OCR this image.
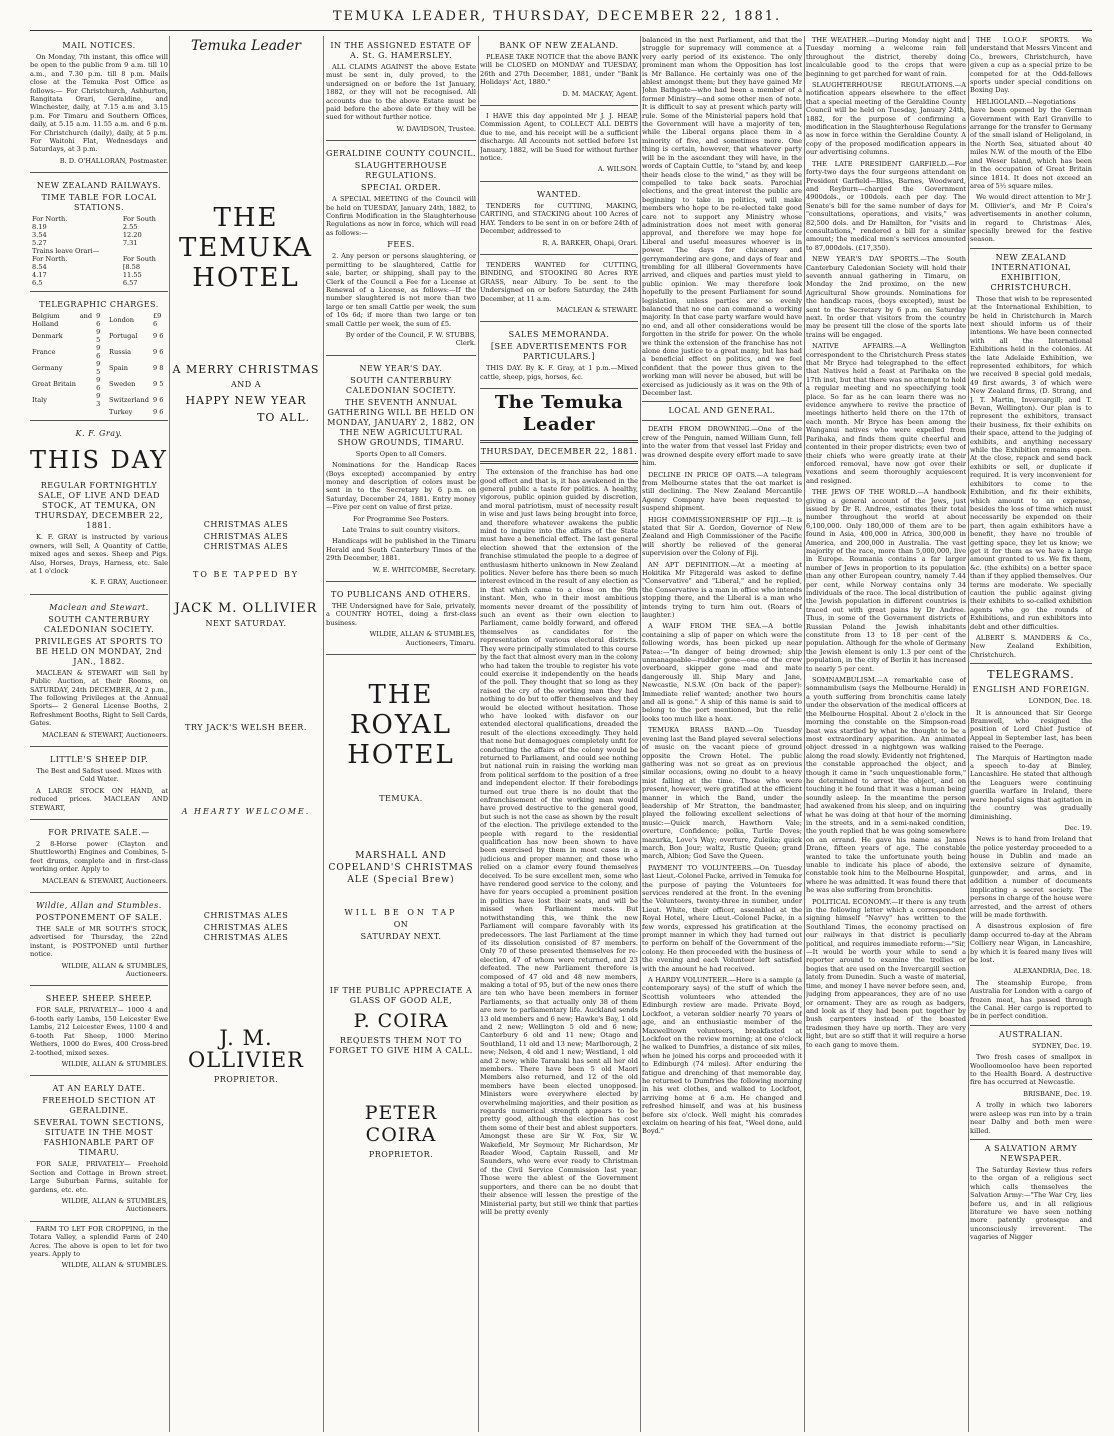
TEMUKA LEADER, THURSDAY, DECEMBER 22, 1881.
MAIL NOTICES.

On Monday, 7th instant, this office will be open to the public from 9 a.m. till 10 a.m., and 7.30 p.m. till 8 p.m. Mails close at the Temuka Post Office as follows:— For Christchurch, Ashburton, Rangitata Orari, Geraldine, and Winchester, daily, at 7.15 a.m and 3.15 p.m. For Timaru and Southern Offices, daily, at 5.15 a.m. 11.55 a.m. and 6 p.m. For Christchurch (daily), daily, at 5 p.m. For Waitohi Flat, Wednesdays and Saturdays, at 3 p.m.

B. D. O'HALLORAN, Postmaster.

NEW ZEALAND RAILWAYS.
TIME TABLE FOR LOCAL STATIONS.
For North.	For South
8.19	2.55
3.54	12.20
5.27	7.31
Trains leave Orari—	
For North.	For South
8.54	[8.58
4.17	11.55
6.5	6.57
TELEGRAPHIC CHARGES.
Belgium and Holland	9 6	London	£9 6
Denmark	9 5	Portugal	9 6
France	9 6	Russia	9 6
Germany	9 5	Spain	9 8
Great Britain	9 6	Sweden	9 5
Italy	9 3	Switzerland	9 6
		Turkey	9 6
K. F. Gray.
THIS DAY
REGULAR FORTNIGHTLY SALE, OF LIVE AND DEAD STOCK, AT TEMUKA, ON THURSDAY, DECEMBER 22, 1881.

K. F. GRAY is instructed by various owners, will Sell, A Quantity of Cattle, mixed ages and sexes. Sheep and Pigs. Also, Horses, Drays, Harness, etc. Sale at 1 o'clock

K. F. GRAY, Auctioneer.

Maclean and Stewart.
SOUTH CANTERBURY CALEDONIAN SOCIETY.
PRIVILEGES AT SPORTS TO BE HELD ON MONDAY, 2nd JAN., 1882.

MACLEAN & STEWART will Sell by Public Auction, at their Rooms, on SATURDAY, 24th DECEMBER, At 2 p.m., The following Privileges at the Annual Sports— 2 General License Booths, 2 Refreshment Booths, Right to Sell Cards, Gates.

MACLEAN & STEWART, Auctioneers.

LITTLE'S SHEEP DIP.

The Best and Safest used. Mixes with Cold Water.

A LARGE STOCK ON HAND, at reduced prices. MACLEAN AND STEWART,

FOR PRIVATE SALE.—

2 8-Horse power (Clayton and Shuttleworth) Engines and Combines, 5-feet drums, complete and in first-class working order. Apply to

MACLEAN & STEWART, Auctioneers.

Wildie, Allan and Stumbles.
POSTPONEMENT OF SALE.

THE SALE of MR SOUTH'S STOCK, advertised for Thursday, the 22nd instant, is POSTPONED until further notice.

WILDIE, ALLAN & STUMBLES, Auctioneers.

SHEEP. SHEEP. SHEEP.

FOR SALE, PRIVATELY— 1000 4 and 6-tooth early Lambs, 150 Leicester Ewe Lambs, 212 Leicester Ewes, 1100 4 and 6-tooth Fat Sheep, 1000 Merino Wethers, 1000 do Ewes, 400 Cross-bred 2-toothed, mixed sexes.

WILDIE, ALLAN & STUMBLES.

AT AN EARLY DATE.
FREEHOLD SECTION AT GERALDINE.
SEVERAL TOWN SECTIONS, SITUATE IN THE MOST FASHIONABLE PART OF TIMARU.

FOR SALE, PRIVATELY— Freehold Section and Cottage in Brown street. Large Suburban Farms, suitable for gardens, etc. etc.

WILDIE, ALLAN & STUMBLES, Auctioneers.

FARM TO LET FOR CROPPING, in the Totara Valley, a splendid Farm of 240 Acres. The above is open to let for two years. Apply to

WILDIE, ALLAN & STUMBLES.

Temuka Leader
THE TEMUKA HOTEL
A MERRY CHRISTMAS
AND A
HAPPY NEW YEAR
TO ALL.
CHRISTMAS ALES
CHRISTMAS ALES
CHRISTMAS ALES
TO BE TAPPED BY
JACK M. OLLIVIER
NEXT SATURDAY.
TRY JACK'S WELSH BEER.
A HEARTY WELCOME.
CHRISTMAS ALES
CHRISTMAS ALES
CHRISTMAS ALES
J. M. OLLIVIER
PROPRIETOR.
IN THE ASSIGNED ESTATE OF A. St. G. HAMERSLEY.

ALL CLAIMS AGAINST the above Estate must be sent in, duly proved, to the undersigned on or before the 1st January, 1882, or they will not be recognised. All accounts due to the above Estate must be paid before the above date or they will be sued for without further notice.

W. DAVIDSON, Trustee.

GERALDINE COUNTY COUNCIL.
SLAUGHTERHOUSE REGULATIONS.
SPECIAL ORDER.

A SPECIAL MEETING of the Council will be held on TUESDAY, January 24th, 1882, to Confirm Modification in the Slaughterhouse Regulations as now in force, which will read as follows:—

FEES.

2. Any person or persons slaughtering, or permitting to be slaughtered, Cattle for sale, barter, or shipping, shall pay to the Clerk of the Council a Fee for a License at Renewal of a License, as follows:—If the number slaughtered is not more than two large or ten small Cattle per week, the sum of 10s 6d; if more than two large or ten small Cattle per week, the sum of £5.

By order of the Council, F. W. STUBBS, Clerk.

NEW YEAR'S DAY.
SOUTH CANTERBURY CALEDONIAN SOCIETY.
THE SEVENTH ANNUAL GATHERING WILL BE HELD ON MONDAY, JANUARY 2, 1882, ON THE NEW AGRICULTURAL SHOW GROUNDS, TIMARU.

Sports Open to all Comers.

Nominations for the Handicap Races (Boys excepted) accompanied by entry money and description of colors must be sent in to the Secretary by 6 p.m. on Saturday, December 24, 1881. Entry money—Five per cent on value of first prize.

For Programme See Posters.

Late Trains to suit country visitors.

Handicaps will be published in the Timaru Herald and South Canterbury Times of the 29th December, 1881.

W. E. WHITCOMBE, Secretary.

TO PUBLICANS AND OTHERS.

THE Undersigned have for Sale, privately, a COUNTRY HOTEL, doing a first-class business.

WILDIE, ALLAN & STUMBLES, Auctioneers, Timaru.

THE ROYAL HOTEL
TEMUKA.
MARSHALL AND COPELAND'S CHRISTMAS ALE (Special Brew)
WILL BE ON TAP
ON
SATURDAY NEXT.
IF THE PUBLIC APPRECIATE A GLASS OF GOOD ALE,
P. COIRA
REQUESTS THEM NOT TO FORGET TO GIVE HIM A CALL.
PETER COIRA
PROPRIETOR.
BANK OF NEW ZEALAND.

PLEASE TAKE NOTICE that the above BANK will be CLOSED on MONDAY and TUESDAY, 26th and 27th December, 1881, under "Bank Holidays' Act, 1880."

D. M. MACKAY, Agent.

I HAVE this day appointed Mr J. J. HEAP, Commission Agent, to COLLECT ALL DEBTS due to me, and his receipt will be a sufficient discharge. All Accounts not settled before 1st January, 1882, will be Sued for without further notice.

A. WILSON.

WANTED.

TENDERS for CUTTING, MAKING, CARTING, and STACKING about 100 Acres of HAY. Tenders to be sent in on or before 24th of December, addressed to

R. A. BARKER, Ohapi, Orari.

TENDERS WANTED for CUTTING, BINDING, and STOOKING 80 Acres RYE GRASS, near Albury. To be sent to the Undersigned on or before Saturday, the 24th December, at 11 a.m.

MACLEAN & STEWART.

SALES MEMORANDA.
[SEE ADVERTISEMENTS FOR PARTICULARS.]

THIS DAY. By K. F. Gray, at 1 p.m.—Mixed cattle, sheep, pigs, horses, &c.

The Temuka Leader
THURSDAY, DECEMBER 22, 1881.

The extension of the franchise has had one good effect and that is, it has awakened in the general public a taste for politics. A healthy, vigorous, public opinion guided by discretion, and moral patriotism, must of necessity result in wise and just laws being brought into force, and therefore whatever awakens the public mind to inquire into the affairs of the State must have a beneficial effect. The last general election showed that the extension of the franchise stimulated the people to a degree of enthusiasm hitherto unknown in New Zealand politics. Never before has there been so much interest evinced in the result of any election as in that which came to a close on the 9th instant. Men, who in their most ambitious moments never dreamt of the possibility of such an event as their own election to Parliament, came boldly forward, and offered themselves as candidates for the representation of various electoral districts. They were principally stimulated to this course by the fact that almost every man in the colony who had taken the trouble to register his vote could exercise it independently on the heads of the poll. They thought that so long as they raised the cry of the working man they had nothing to do but to offer themselves and they would be elected without hesitation. Those who have looked with disfavor on our extended electoral qualifications, dreaded the result of the elections exceedingly. They held that none but demagogues completely unfit for conducting the affairs of the colony would be returned to Parliament, and could see nothing but national ruin in raising the working man from political serfdom to the position of a free and independent elector. If their forebodings turned out true there is no doubt that the enfranchisement of the working man would have proved destructive to the general good, but such is not the case as shown by the result of the election. The privilege extended to the people with regard to the residential qualification has now been shown to have been exercised by them in most cases in a judicious and proper manner, and those who relied on a clamor every found themselves deceived. To be sure excellent men, some who have rendered good service to the colony, and have for years occupied a prominent position in politics have lost their seats, and will be missed when Parliament meets. But notwithstanding this, we think the new Parliament will compare favorably with its predecessors. The last Parliament at the time of its dissolution consisted of 87 members. Only 70 of these presented themselves for re-election, 47 of whom were returned, and 23 defeated. The new Parliament therefore is composed of 47 old and 48 new members, making a total of 95, but of the new ones there are ten who have been members in former Parliaments, so that actually only 38 of them are new to parliamentary life. Auckland sends 13 old members and 6 new; Hawke's Bay, 1 old and 2 new; Wellington 5 old and 6 new; Canterbury 6 old and 11 new; Otago and Southland, 11 old and 13 new; Marlborough, 2 new; Nelson, 4 old and 1 new; Westland, 1 old and 2 new; while Taranaki has sent all her old members. There have been 5 old Maori Members also returned, and 12 of the old members have been elected unopposed. Ministers were everywhere elected by overwhelming majorities, and their position as regards numerical strength appears to be pretty good, although the election has cost them some of their best and ablest supporters. Amongst these are Sir W. Fox, Sir W. Wakefield, Mr Seymour, Mr Richardson, Mr Reader Wood, Captain Russell, and Mr Saunders, who were ever ready to Christman of the Civil Service Commission last year. Those were the ablest of the Government supporters, and there can be no doubt that their absence will lessen the prestige of the Ministerial party, but still we think that parties will be pretty evenly

balanced in the next Parliament, and that the struggle for supremacy will commence at a very early period of its existence. The only prominent man whom the Opposition has lost is Mr Ballance. He certainly was one of the ablest amongst them; but they have gained Mr John Bathgate—who had been a member of a former Ministry—and some other men of note. It is difficult to say at present which party will rule. Some of the Ministerial papers hold that the Government will have a majority of ten, while the Liberal organs place them in a minority of five, and sometimes more. One thing is certain, however, that whatever party will be in the ascendant they will have, in the words of Captain Cuttle, to "stand by, and keep their heads close to the wind," as they will be compelled to take back seats. Parochial elections, and the great interest the public are beginning to take in politics, will make members who hope to be re-elected take good care not to support any Ministry whose administration does not meet with general approval, and therefore we may hope for Liberal and useful measures whoever is in power. The days for chicanery and gerrymandering are gone, and days of fear and trembling for all illiberal Governments have arrived, and cliques and parties must yield to public opinion. We may therefore look hopefully to the present Parliament for sound legislation, unless parties are so evenly balanced that no one can command a working majority. In that case party warfare would have no end, and all other considerations would be forgotten in the strife for power. On the whole we think the extension of the franchise has not alone done justice to a great many, but has had a beneficial effect on politics, and we feel confident that the power thus given to the working man will never be abused, but will be exercised as judiciously as it was on the 9th of December last.

LOCAL AND GENERAL.

DEATH FROM DROWNING.—One of the crew of the Penguin, named William Gunn, fell into the water from that vessel last Friday and was drowned despite every effort made to save him.

DECLINE IN PRICE OF OATS.—A telegram from Melbourne states that the oat market is still declining. The New Zealand Mercantile Agency Company have been requested to suspend shipment.

HIGH COMMISSIONERSHIP OF FIJI.—It is stated that Sir A. Gordon, Governor of New Zealand and High Commissioner of the Pacific will shortly be relieved of the general supervision over the Colony of Fiji.

AN APT DEFINITION.—At a meeting at Hokitika Mr Fitzgerald was asked to define "Conservative" and "Liberal," and he replied, the Conservative is a man in office who intends stopping there, and the Liberal is a man who intends trying to turn him out. (Roars of laughter.)

A WAIF FROM THE SEA.—A bottle containing a slip of paper on which were the following words, has been picked up near Patea:—"In danger of being drowned; ship unmanageable—rudder gone—one of the crew overboard, skipper gone mad and mate dangerously ill. Ship Mary and Jane, Newcastle, N.S.W. (On back of the paper): Immediate relief wanted; another two hours and all is gone." A ship of this name is said to belong to the port mentioned, but the relic looks too much like a hoax.

TEMUKA BRASS BAND.—On Tuesday evening last the Band played several selections of music on the vacant piece of ground opposite the Crown Hotel. The public gathering was not so great as on previous similar occasions, owing no doubt to a heavy mist falling at the time. Those who were present, however, were gratified at the efficient manner in which the Band, under the leadership of Mr Stratton, the bandmaster, played the following excellent selections of music:—Quick march, Hawthorn Vale; overture, Confidence; polka, Turtle Doves; mazurka, Love's Way; overture, Zuleika; quick march, Bon Jour; waltz, Rustic Queen; grand march, Albion; God Save the Queen.

PAYMENT TO VOLUNTEERS.—On Tuesday last Lieut.-Colonel Packe, arrived in Temuka for the purpose of paying the Volunteers for services rendered at the front. In the evening the Volunteers, twenty-three in number, under Lieut. White, their officer, assembled at the Royal Hotel, where Lieut.-Colonel Packe, in a few words, expressed his gratification at the prompt manner in which they had turned out to perform on behalf of the Government of the colony. He then proceeded with the business of the evening and each Volunteer left satisfied with the amount he had received.

A HARDY VOLUNTEER.—Here is a sample (a contemporary says) of the stuff of which the Scottish volunteers who attended the Edinburgh review are made. Private Boyd, Lockfoot, a veteran soldier nearly 70 years of age, and an enthusiastic member of the Maxwelltown volunteers, breakfasted at Lockfoot on the review morning; at one o'clock he walked to Dumfries, a distance of six miles, when he joined his corps and proceeded with it to Edinburgh (74 miles). After enduring the fatigue and drenching of that memorable day, he returned to Dumfries the following morning in his wet clothes, and walked to Lockfoot, arriving home at 6 a.m. He changed and refreshed himself, and was at his business before six o'clock. Well might his comrades exclaim on hearing of his feat, "Weel done, auld Boyd."

THE WEATHER.—During Monday night and Tuesday morning a welcome rain fell throughout the district, thereby doing incalculable good to the crops that were beginning to get parched for want of rain.

SLAUGHTERHOUSE REGULATIONS.—A notification appears elsewhere to the effect that a special meeting of the Geraldine County Council will be held on Tuesday, January 24th, 1882, for the purpose of confirming a modification in the Slaughterhouse Regulations as now in force within the Geraldine County. A copy of the proposed modification appears in our advertising columns.

THE LATE PRESIDENT GARFIELD.—For forty-two days the four surgeons attendant on President Garfield—Bliss, Barnes, Woodward, and Reyburn—charged the Government 4900dols., or 100dols. each per day. The Senate's bill for the same number of days for "consultations, operations, and visits," was 82,500 dols. and Dr Hamilton, for "visits and consultations," rendered a bill for a similar amount; the medical men's services amounted to 87,000dols. (£17,350).

NEW YEAR'S DAY SPORTS.—The South Canterbury Caledonian Society will hold their seventh annual gathering in Timaru, on Monday the 2nd proximo, on the new Agricultural Show grounds. Nominations for the handicap races, (boys excepted), must be sent to the Secretary by 6 p.m. on Saturday next. In order that visitors from the country may be present till the close of the sports late trains will be engaged.

NATIVE AFFAIRS.—A Wellington correspondent to the Christchurch Press states that Mr Bryce had telegraphed to the effect that Natives held a feast at Parihaka on the 17th inst, but that there was no attempt to hold a regular meeting and no speechifying took place. So far as he can learn there was no evidence anywhere to revive the practice of meetings hitherto held there on the 17th of each month. Mr Bryce has been among the Wanganui natives who were expelled from Parihaka, and finds them quite cheerful and contented in their proper districts; even two of their chiefs who were greatly irate at their enforced removal, have now got over their vexations and seem thoroughly acquiescent and resigned.

THE JEWS OF THE WORLD.—A handbook giving a general account of the Jews, just issued by Dr R. Andree, estimates their total number throughout the world at about 6,100,000. Only 180,000 of them are to be found in Asia, 400,000 in Africa, 300,000 in America, and 200,000 in Australia. The vast majority of the race, more than 5,000,000, live in Europe. Roumania contains a far larger number of Jews in proportion to its population than any other European country, namely 7.44 per cent, while Norway contains only 34 individuals of the race. The local distribution of the Jewish population in different countries is traced out with great pains by Dr Andree. Thus, in some of the Government districts of Russian Poland the Jewish inhabitants constitute from 13 to 18 per cent of the population. Although for the whole of Germany the Jewish element is only 1.3 per cent of the population, in the city of Berlin it has increased to nearly 5 per cent.

SOMNAMBULISM.—A remarkable case of somnambulism (says the Melbourne Herald) in a youth suffering from bronchitis came lately under the observation of the medical officers at the Melbourne Hospital. About 2 o'clock in the morning the constable on the Simpson-road beat was startled by what he thought to be a most extraordinary apparition. An animated object dressed in a nightgown was walking along the road slowly. Evidently not frightened, the constable approached the object, and though it came in "such unquestionable form," he determined to arrest the object, and on touching it he found that it was a human being soundly asleep. In the meantime the person had awakened from his sleep, and on inquiring what he was doing at that hour of the morning in the streets, and in a semi-naked condition, the youth replied that he was going somewhere on an errand. He gave his name as James Drane, fifteen years of age. The constable wanted to take the unfortunate youth being unable to indicate his place of abode, the constable took him to the Melbourne Hospital, where he was admitted. It was found there that he was also suffering from bronchitis.

POLITICAL ECONOMY.—If there is any truth in the following letter which a correspondent signing himself "Navvy" has written to the Southland Times, the economy practised on our railways in that district is peculiarly political, and requires immediate reform:—"Sir,—It would be worth your while to send a reporter around to examine the trollies or bogies that are used on the Invercargill section lately from Dunedin. Such a waste of material, time, and money I have never before seen, and, judging from appearances, they are of no use or ornament. They are as rough as badgers, and look as if they had been put together by bush carpenters instead of the boasted tradesmen they have up north. They are very light, but are so stiff that it will require a horse to each gang to move them.

THE I.O.O.F. SPORTS. We understand that Messrs Vincent and Co., brewers, Christchurch, have given a cup as a special prize to be competed for at the Odd-fellows sports under special conditions on Boxing Day.

HELIGOLAND.—Negotiations have been opened by the German Government with Earl Granville to arrange for the transfer to Germany of the small island of Heligoland, in the North Sea, situated about 40 miles N.W. of the mouth of the Elbe and Weser Island, which has been in the occupation of Great Britain since 1814. It does not exceed an area of 5½ square miles.

We would direct attention to Mr J. M. Ollivier's, and Mr P. Coira's advertisements in another column, in regard to Christmas Ales, specially brewed for the festive season.

NEW ZEALAND INTERNATIONAL EXHIBITION, CHRISTCHURCH.

Those that wish to be represented at the International Exhibition, to be held in Christchurch in March next should inform us of their intentions. We have been connected with all the International Exhibitions held in the colonies. At the late Adelaide Exhibition, we represented exhibitors, for which we received 8 special gold medals, 49 first awards, 3 of which were New Zealand firms, (D. Strang, and J. T. Martin, Invercargill; and T. Bevan, Wellington). Our plan is to represent the exhibitors, transact their business, fix their exhibits on their space, attend to the judging of exhibits, and anything necessary while the Exhibition remains open. At the close, repack and send back exhibits or sell, or duplicate if required. It is very inconvenient for exhibitors to come to the Exhibition, and fix their exhibits, which amount to an expense, besides the loss of time which must necessarily be expended on their part, then again exhibitors have a benefit, they have no trouble of getting space, they let us know; we get it for them as we have a large amount granted to us. We fix them, &c. (the exhibits) on a better space than if they applied themselves. Our terms are moderate. We specially caution the public against giving their exhibits to so-called exhibition agents who go the rounds of Exhibitions, and run exhibitors into debt and other difficulties.

ALBERT S. MANDERS & Co., New Zealand Exhibition, Christchurch.

TELEGRAMS.
ENGLISH AND FOREIGN.

LONDON, Dec. 18.

It is announced that Sir George Bramwell, who resigned the position of Lord Chief Justice of Appeal in September last, has been raised to the Peerage.

The Marquis of Hartington made a speech to-day at Bimley, Lancashire. He stated that although the Leaguers were continuing guerilla warfare in Ireland, there were hopeful signs that agitation in the country was gradually diminishing.

Dec. 19.

News is to hand from Ireland that the police yesterday proceeded to a house in Dublin and made an extensive seizure of dynamite, gunpowder, and arms, and in addition a number of documents implicating a secret society. The persons in charge of the house were arrested, and the arrest of others will be made forthwith.

A disastrous explosion of fire damp occurred to-day at the Abram Colliery near Wigan, in Lancashire, by which it is feared many lives will be lost.

ALEXANDRIA, Dec. 18.

The steamship Europe, from Australia for London with a cargo of frozen meat, has passed through the Canal. Her cargo is reported to be in perfect condition.

AUSTRALIAN.

SYDNEY, Dec. 19.

Two fresh cases of smallpox in Woolloomooloo have been reported to the Health Board. A destructive fire has occurred at Newcastle.

BRISBANE, Dec. 19.

A trolly in which two laborers were asleep was run into by a train near Dalby and both men were killed.

A SALVATION ARMY NEWSPAPER.

The Saturday Review thus refers to the organ of a religious sect which calls themselves the Salvation Army:—"The War Cry, lies before us, and in all religious literature we have seen nothing more patently grotesque and unconsciously irreverent. The vagaries of Nigger
